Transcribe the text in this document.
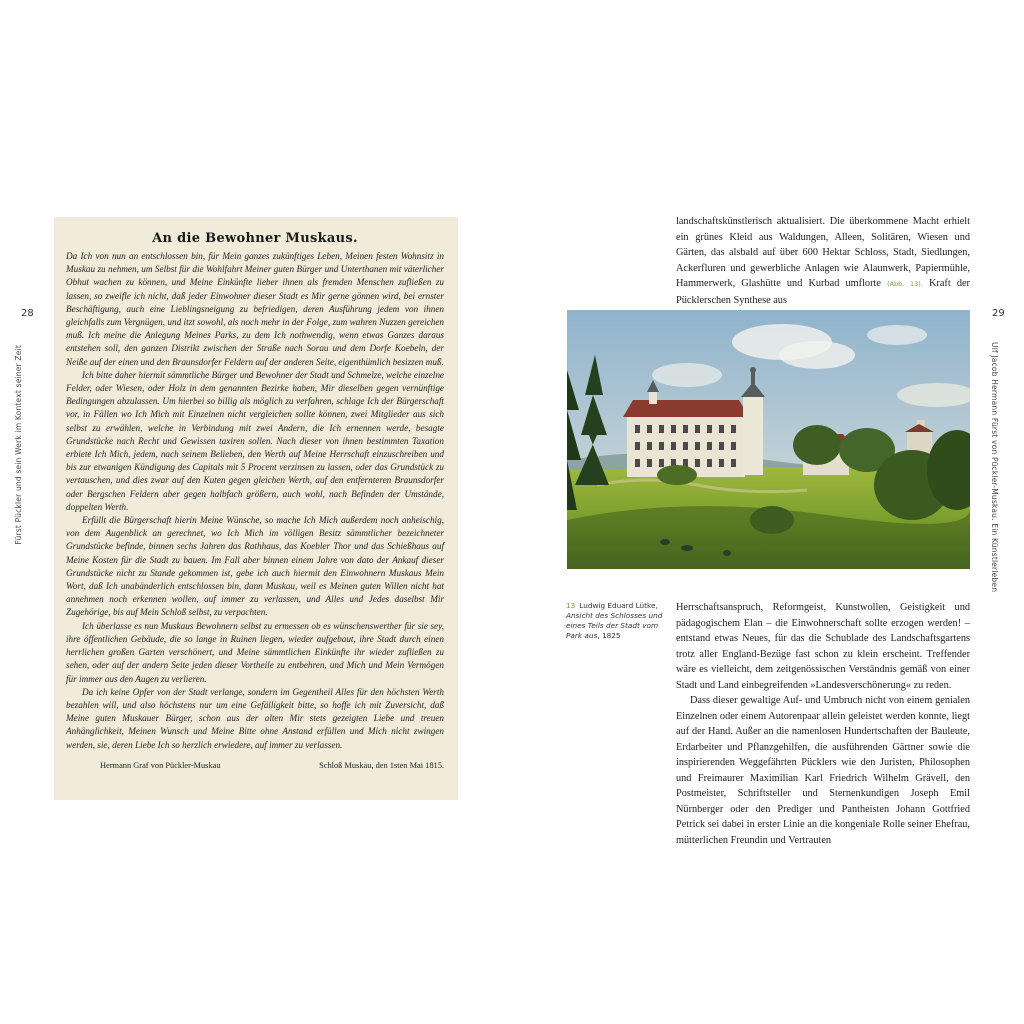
28
Fürst Pückler und sein Werk im Kontext seiner Zeit
An die Bewohner Muskaus.

Da Ich von nun an entschlossen bin, für Mein ganzes zukünftiges Leben, Meinen festen Wohnsitz in Muskau zu nehmen, um Selbst für die Wohlfahrt Meiner guten Bürger und Unterthanen mit väterlicher Obhut wachen zu können, und Meine Einkünfte lieber ihnen als fremden Menschen zufließen zu lassen, so zweifle ich nicht, daß jeder Einwohner dieser Stadt es Mir gerne gönnen wird, bei ernster Beschäftigung, auch eine Lieblingsneigung zu befriedigen, deren Ausführung jedem von ihnen gleichfalls zum Vergnügen, und itzt sowohl, als noch mehr in der Folge, zum wahren Nuzzen gereichen muß. Ich meine die Anlegung Meines Parks, zu dem Ich nothwendig, wenn etwas Ganzes daraus entstehen soll, den ganzen Distrikt zwischen der Straße nach Sorau und dem Dorfe Koebeln, der Neiße auf der einen und den Braunsdorfer Feldern auf der anderen Seite, eigenthümlich besizzen muß.

Ich bitte daher hiermit sämmtliche Bürger und Bewohner der Stadt und Schmelze, welche einzelne Felder, oder Wiesen, oder Holz in dem genannten Bezirke haben, Mir dieselben gegen vernünftige Bedingungen abzulassen. Um hierbei so billig als möglich zu verfahren, schlage Ich der Bürgerschaft vor, in Fällen wo Ich Mich mit Einzelnen nicht vergleichen sollte können, zwei Mitglieder aus sich selbst zu erwählen, welche in Verbindung mit zwei Andern, die Ich ernennen werde, besagte Grundstücke nach Recht und Gewissen taxiren sollen. Nach dieser von ihnen bestimmten Taxation erbiete Ich Mich, jedem, nach seinem Belieben, den Werth auf Meine Herrschaft einzuschreiben und bis zur etwanigen Kündigung des Capitals mit 5 Procent verzinsen zu lassen, oder das Grundstück zu vertauschen, und dies zwar auf den Kuten gegen gleichen Werth, auf den entfernteren Braunsdorfer oder Bergschen Feldern aber gegen halbfach größern, auch wohl, nach Befinden der Umstände, doppelten Werth.

Erfüllt die Bürgerschaft hierin Meine Wünsche, so mache Ich Mich außerdem noch anheischig, von dem Augenblick an gerechnet, wo Ich Mich im völligen Besitz sämmtlicher bezeichneter Grundstücke befinde, binnen sechs Jahren das Rathhaus, das Koebler Thor und das Schießhaus auf Meine Kosten für die Stadt zu bauen. Im Fall aber binnen einem Jahre von dato der Ankauf dieser Grundstücke nicht zu Stande gekommen ist, gebe ich auch hiermit den Einwohnern Muskaus Mein Wort, daß Ich unabänderlich entschlossen bin, dann Muskau, weil es Meinen guten Willen nicht hat annehmen noch erkennen wollen, auf immer zu verlassen, und Alles und Jedes daselbst Mir Zugehörige, bis auf Mein Schloß selbst, zu verpachten.

Ich überlasse es nun Muskaus Bewohnern selbst zu ermessen ob es wünschenswerther für sie sey, ihre öffentlichen Gebäude, die so lange in Ruinen liegen, wieder aufgebaut, ihre Stadt durch einen herrlichen großen Garten verschönert, und Meine sämmtlichen Einkünfte ihr wieder zufließen zu sehen, oder auf der andern Seite jeden dieser Vortheile zu entbehren, und Mich und Mein Vermögen für immer aus den Augen zu verlieren.

Da ich keine Opfer von der Stadt verlange, sondern im Gegentheil Alles für den höchsten Werth bezahlen will, und also höchstens nur um eine Gefälligkeit bitte, so hoffe ich mit Zuversicht, daß Meine guten Muskauer Bürger, schon aus der alten Mir stets gezeigten Liebe und treuen Anhänglichkeit, Meinen Wunsch und Meine Bitte ohne Anstand erfüllen und Mich nicht zwingen werden, sie, deren Liebe Ich so herzlich erwiedere, auf immer zu verlassen.

Hermann Graf von Pückler-Muskau	Schloß Muskau, den 1sten Mai 1815.
29
Ulf Jacob Hermann Fürst von Pückler-Muskau. Ein Künstlerleben

landschaftskünstlerisch aktualisiert. Die überkommene Macht erhielt ein grünes Kleid aus Waldungen, Alleen, Solitären, Wiesen und Gärten, das alsbald auf über 600 Hektar Schloss, Stadt, Siedlungen, Ackerfluren und gewerbliche Anlagen wie Alaunwerk, Papiermühle, Hammerwerk, Glashütte und Kurbad umflorte (Abb. 13). Kraft der Pücklerschen Synthese aus

13 Ludwig Eduard Lütke, Ansicht des Schlosses und eines Teils der Stadt vom Park aus, 1825

Herrschaftsanspruch, Reformgeist, Kunstwollen, Geistigkeit und pädagogischem Elan – die Einwohnerschaft sollte erzogen werden! – entstand etwas Neues, für das die Schublade des Landschaftsgartens trotz aller England-Bezüge fast schon zu klein erscheint. Treffender wäre es vielleicht, dem zeitgenössischen Verständnis gemäß von einer Stadt und Land einbegreifenden »Landesverschönerung« zu reden.

Dass dieser gewaltige Auf- und Umbruch nicht von einem genialen Einzelnen oder einem Autorenpaar allein geleistet werden konnte, liegt auf der Hand. Außer an die namenlosen Hundertschaften der Bauleute, Erdarbeiter und Pflanzgehilfen, die ausführenden Gärtner sowie die inspirierenden Weggefährten Pücklers wie den Juristen, Philosophen und Freimaurer Maximilian Karl Friedrich Wilhelm Grävell, den Postmeister, Schriftsteller und Sternenkundigen Joseph Emil Nürnberger oder den Prediger und Pantheisten Johann Gottfried Petrick sei dabei in erster Linie an die kongeniale Rolle seiner Ehefrau, mütterlichen Freundin und Vertrauten
